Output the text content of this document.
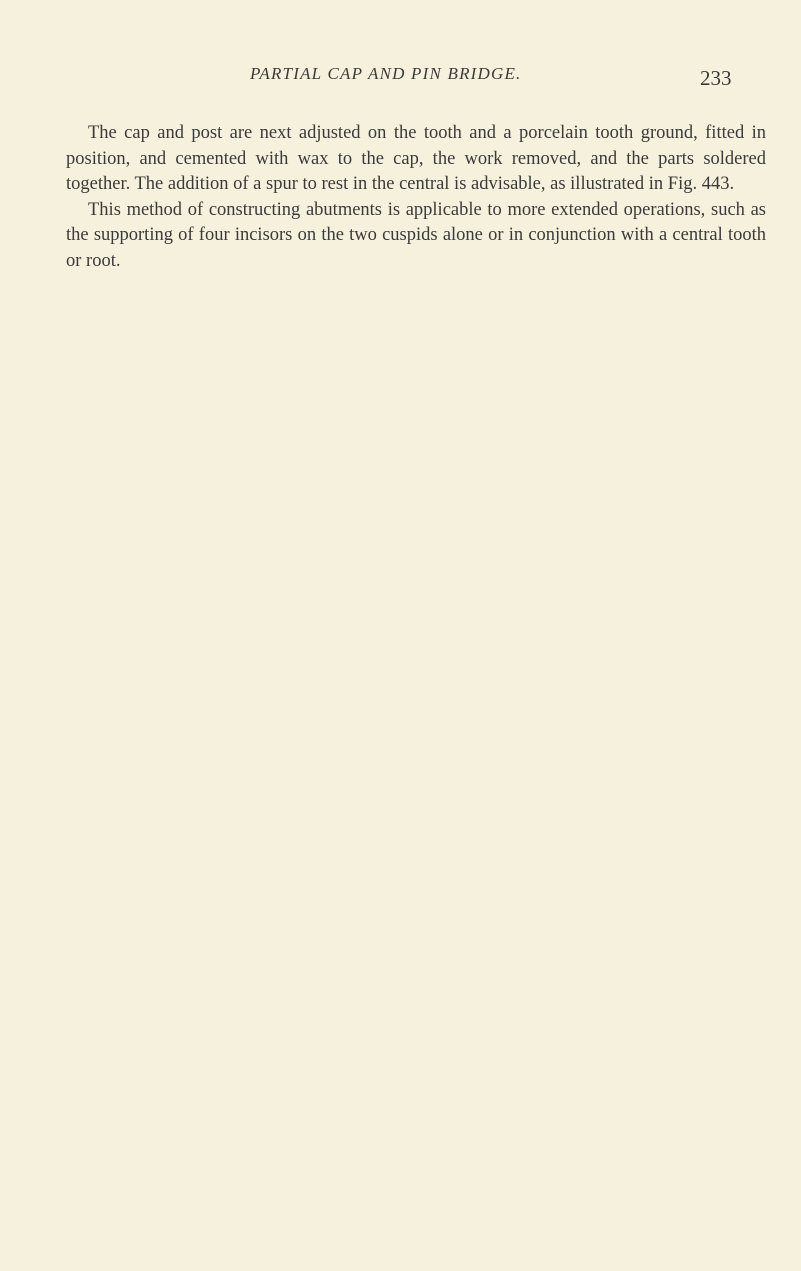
PARTIAL CAP AND PIN BRIDGE.	233

The cap and post are next adjusted on the tooth and a porcelain tooth ground, fitted in position, and cemented with wax to the cap, the work removed, and the parts soldered together. The addition of a spur to rest in the central is advisable, as illustrated in Fig. 443.

This method of constructing abutments is applicable to more extended operations, such as the supporting of four incisors on the two cuspids alone or in conjunction with a central tooth or root.
